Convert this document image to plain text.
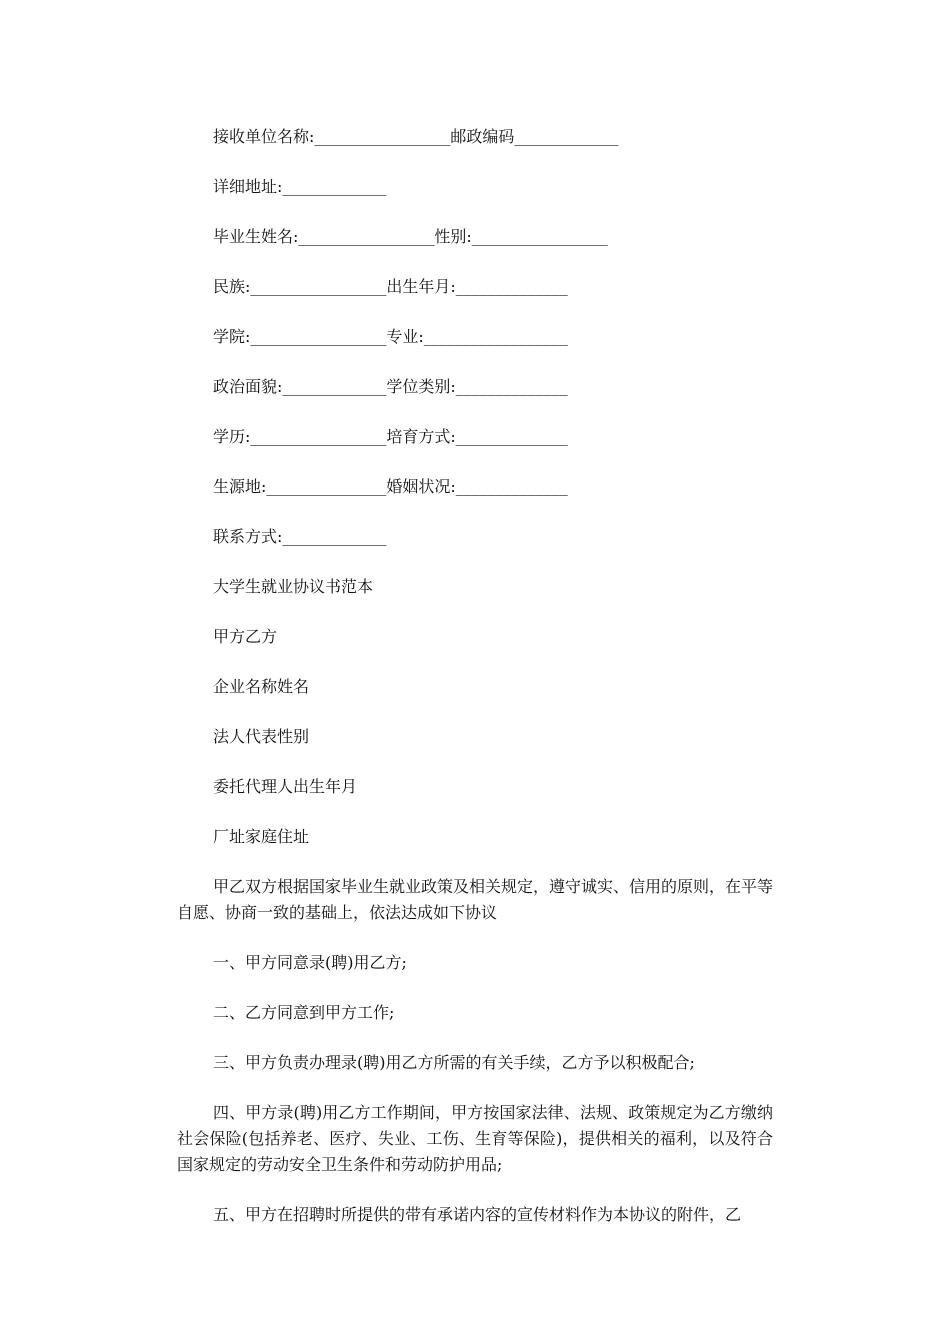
接收单位名称:_________________邮政编码_____________

详细地址:_____________

毕业生姓名:_________________性别:_________________

民族:_________________出生年月:______________

学院:_________________专业:__________________

政治面貌:_____________学位类别:______________

学历:_________________培育方式:______________

生源地:_______________婚姻状况:______________

联系方式:_____________

大学生就业协议书范本

甲方乙方

企业名称姓名

法人代表性别

委托代理人出生年月

厂址家庭住址

甲乙双方根据国家毕业生就业政策及相关规定，遵守诚实、信用的原则，在平等自愿、协商一致的基础上，依法达成如下协议

一、甲方同意录(聘)用乙方;

二、乙方同意到甲方工作;

三、甲方负责办理录(聘)用乙方所需的有关手续，乙方予以积极配合;

四、甲方录(聘)用乙方工作期间，甲方按国家法律、法规、政策规定为乙方缴纳社会保险(包括养老、医疗、失业、工伤、生育等保险)，提供相关的福利，以及符合国家规定的劳动安全卫生条件和劳动防护用品;

五、甲方在招聘时所提供的带有承诺内容的宣传材料作为本协议的附件，乙
